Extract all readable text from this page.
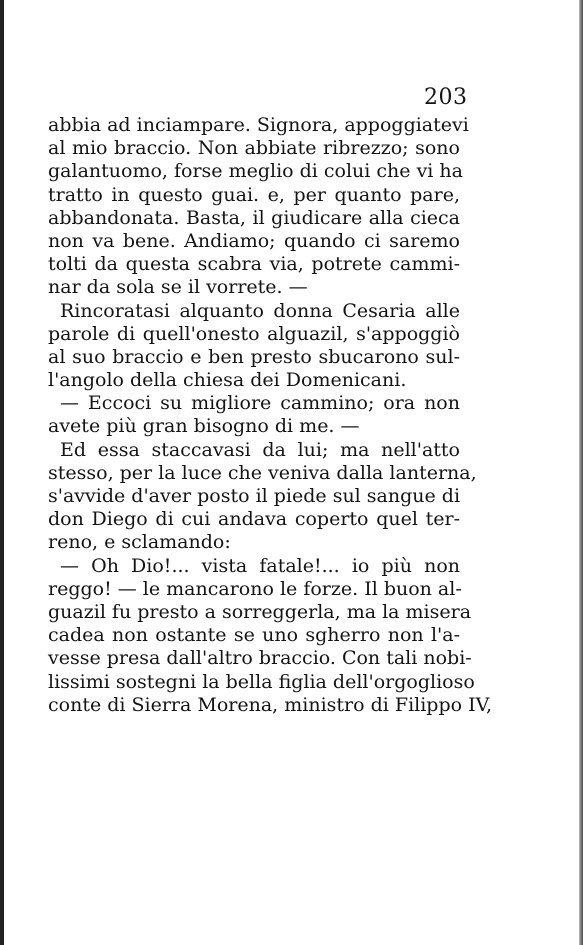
203
abbia ad inciampare. Signora, appoggiatevi
al mio braccio. Non abbiate ribrezzo; sono
galantuomo, forse meglio di colui che vi ha
tratto in questo guai. e, per quanto pare,
abbandonata. Basta, il giudicare alla cieca
non va bene. Andiamo; quando ci saremo
tolti da questa scabra via, potrete cammi-
nar da sola se il vorrete. —
Rincoratasi alquanto donna Cesaria alle
parole di quell'onesto alguazil, s'appoggiò
al suo braccio e ben presto sbucarono sul-
l'angolo della chiesa dei Domenicani.
— Eccoci su migliore cammino; ora non
avete più gran bisogno di me. —
Ed essa staccavasi da lui; ma nell'atto
stesso, per la luce che veniva dalla lanterna,
s'avvide d'aver posto il piede sul sangue di
don Diego di cui andava coperto quel ter-
reno, e sclamando:
— Oh Dio!... vista fatale!... io più non
reggo! — le mancarono le forze. Il buon al-
guazil fu presto a sorreggerla, ma la misera
cadea non ostante se uno sgherro non l'a-
vesse presa dall'altro braccio. Con tali nobi-
lissimi sostegni la bella figlia dell'orgoglioso
conte di Sierra Morena, ministro di Filippo IV,
